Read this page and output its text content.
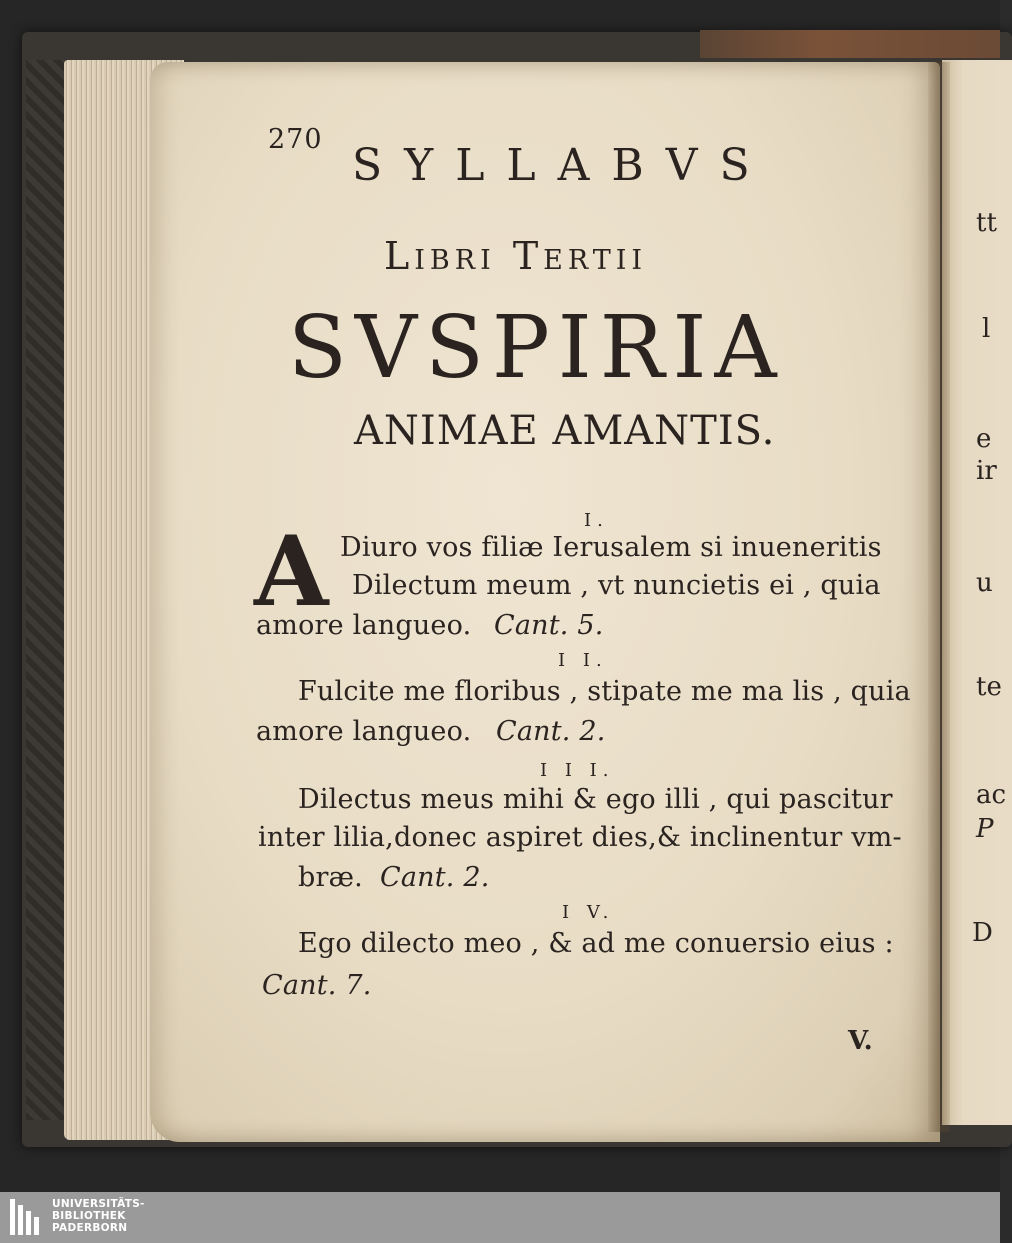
270
SYLLABVS
Libri Tertii
SVSPIRIA
ANIMAE AMANTIS.
I.
A Diuro vos filiæ Ierusalem si inueneritis
Dilectum meum , vt nuncietis ei , quia
amore langueo. Cant. 5.
I I.
Fulcite me floribus , stipate me ma lis , quia
amore langueo. Cant. 2.
I I I.
Dilectus meus mihi & ego illi , qui pascitur
inter lilia,donec aspiret dies,& inclinentur vm-
bræ. Cant. 2.
I V.
Ego dilecto meo , & ad me conuersio eius :
Cant. 7.
V.
tt
l
e
ir
u
te
ac
P
D
UNIVERSITÄTS-
BIBLIOTHEK
PADERBORN
